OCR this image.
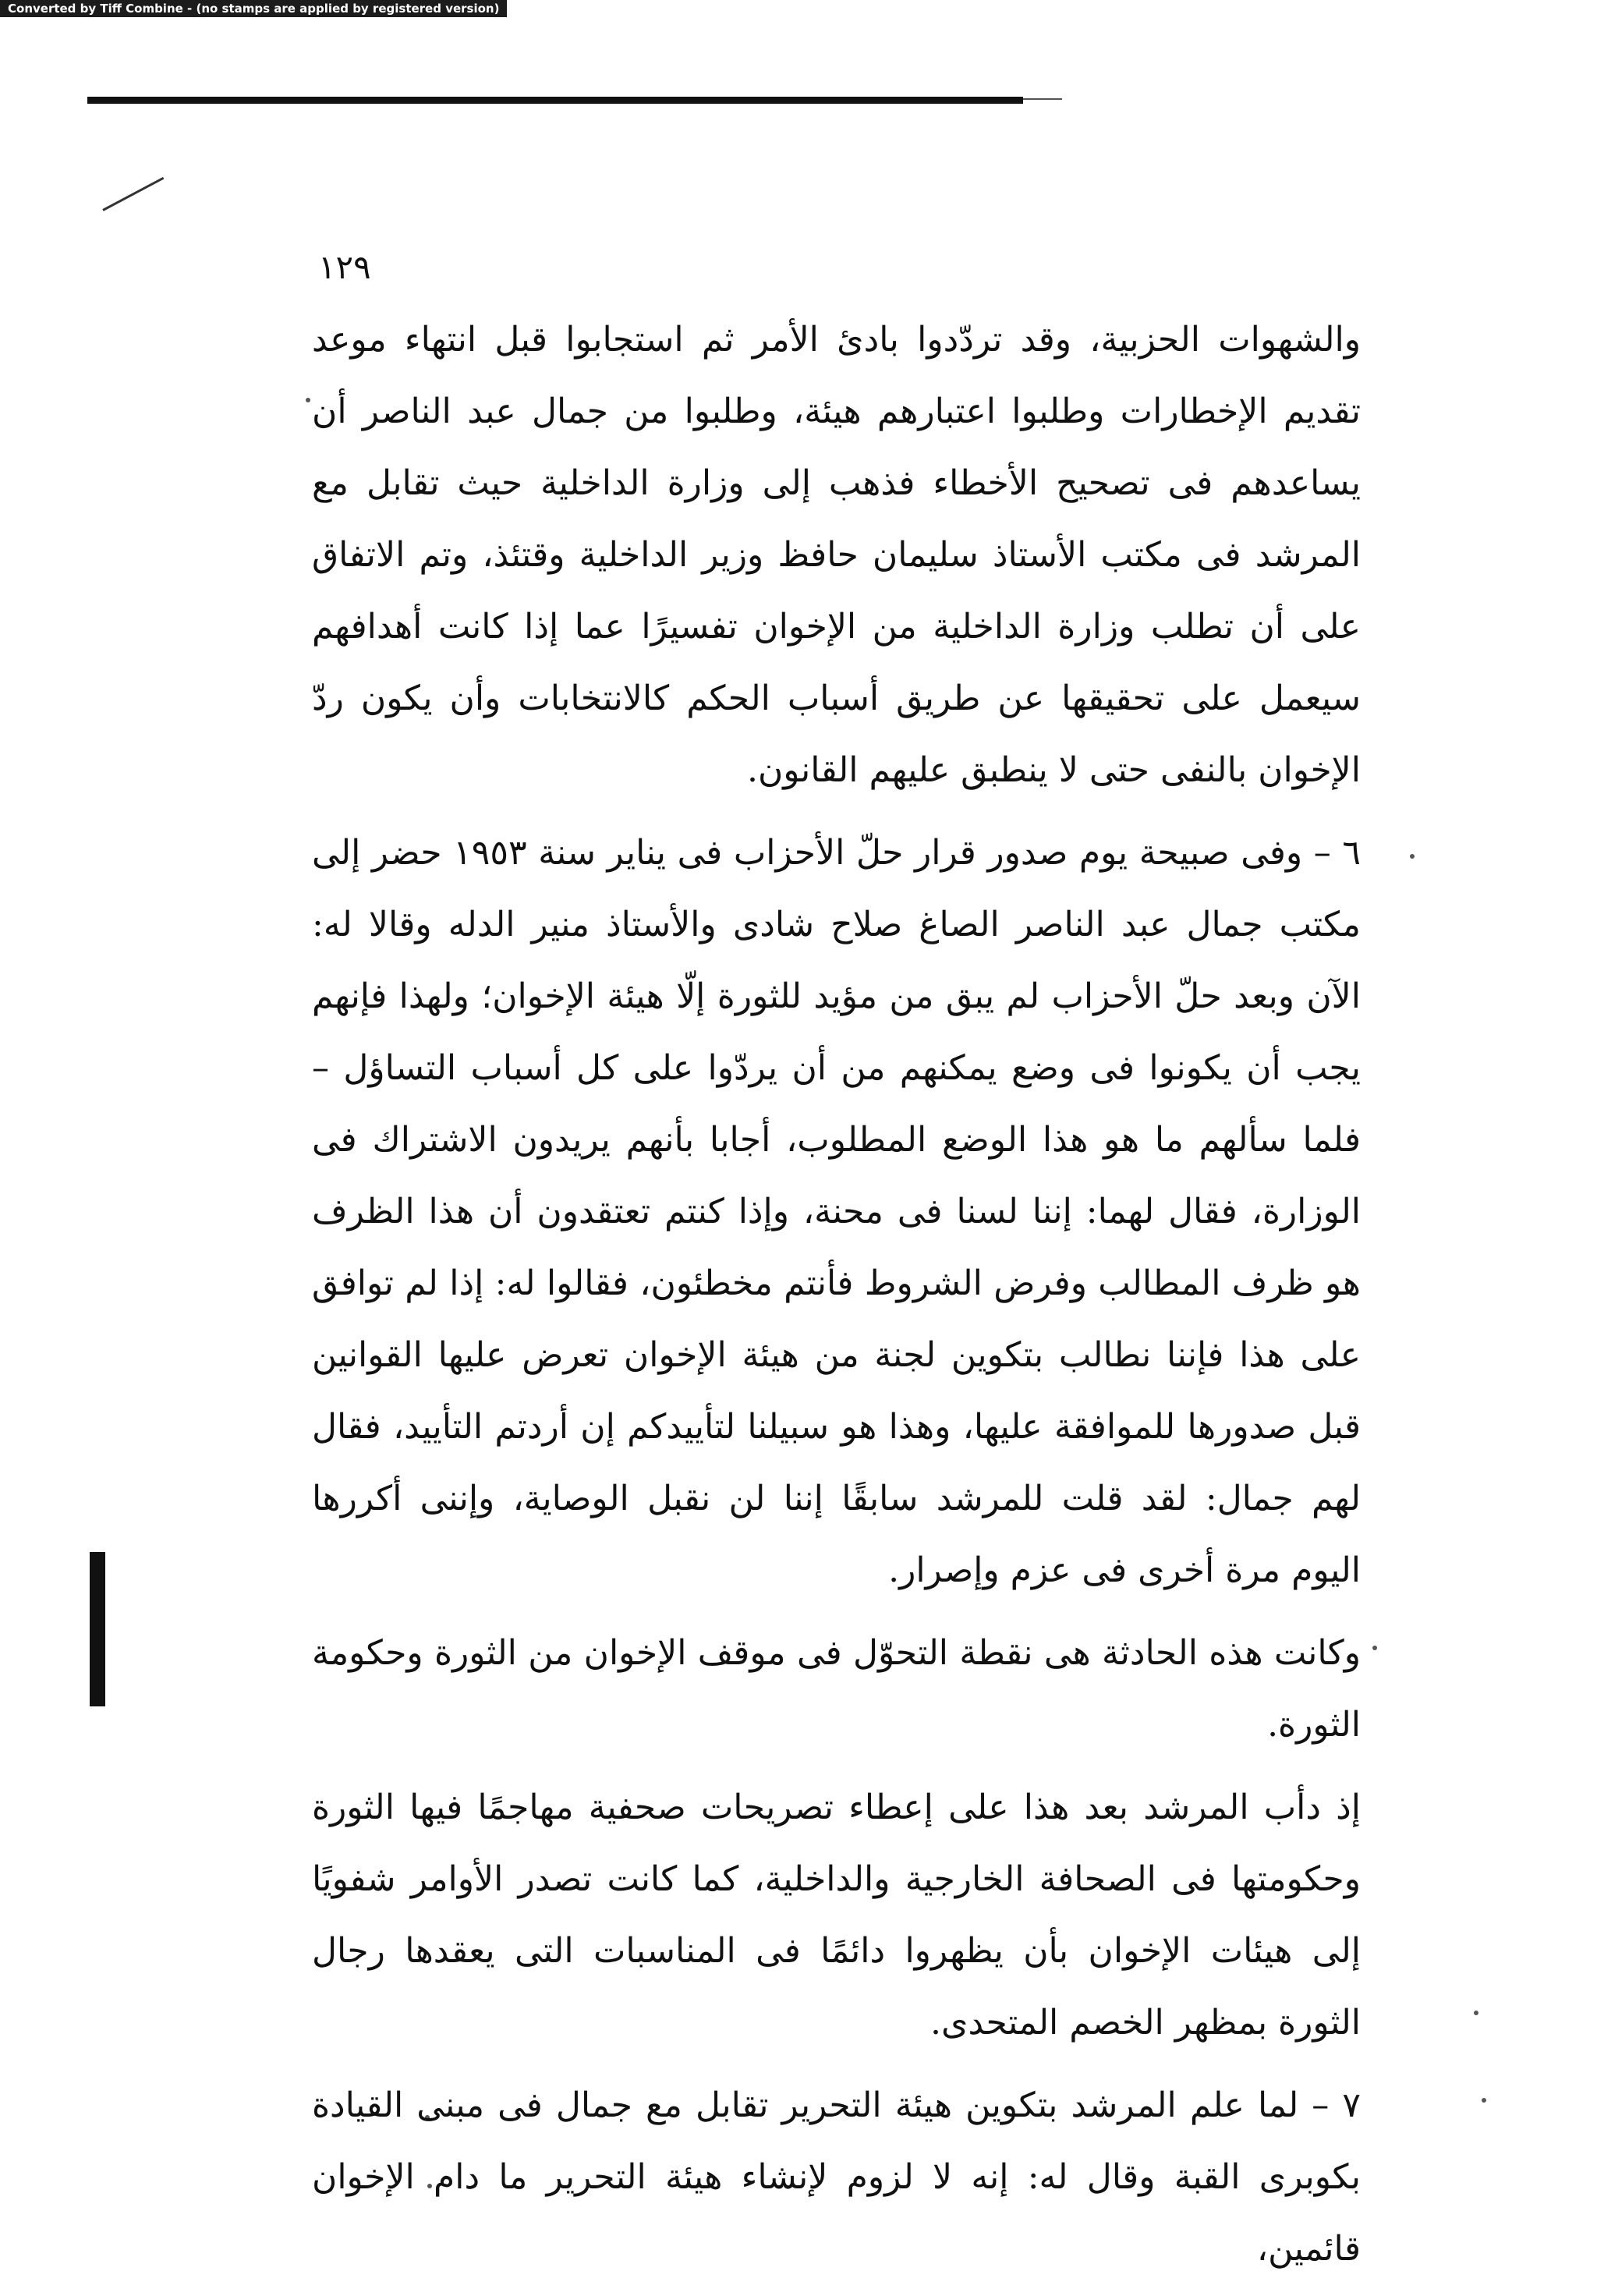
Converted by Tiff Combine - (no stamps are applied by registered version)
١٢٩

والشهوات الحزبية، وقد تردّدوا بادئ الأمر ثم استجابوا قبل انتهاء موعد تقديم الإخطارات وطلبوا اعتبارهم هيئة، وطلبوا من جمال عبد الناصر أن يساعدهم فى تصحيح الأخطاء فذهب إلى وزارة الداخلية حيث تقابل مع المرشد فى مكتب الأستاذ سليمان حافظ وزير الداخلية وقتئذ، وتم الاتفاق على أن تطلب وزارة الداخلية من الإخوان تفسيرًا عما إذا كانت أهدافهم سيعمل على تحقيقها عن طريق أسباب الحكم كالانتخابات وأن يكون ردّ الإخوان بالنفى حتى لا ينطبق عليهم القانون.

٦ – وفى صبيحة يوم صدور قرار حلّ الأحزاب فى يناير سنة ١٩٥٣ حضر إلى مكتب جمال عبد الناصر الصاغ صلاح شادى والأستاذ منير الدله وقالا له: الآن وبعد حلّ الأحزاب لم يبق من مؤيد للثورة إلّا هيئة الإخوان؛ ولهذا فإنهم يجب أن يكونوا فى وضع يمكنهم من أن يردّوا على كل أسباب التساؤل – فلما سألهم ما هو هذا الوضع المطلوب، أجابا بأنهم يريدون الاشتراك فى الوزارة، فقال لهما: إننا لسنا فى محنة، وإذا كنتم تعتقدون أن هذا الظرف هو ظرف المطالب وفرض الشروط فأنتم مخطئون، فقالوا له: إذا لم توافق على هذا فإننا نطالب بتكوين لجنة من هيئة الإخوان تعرض عليها القوانين قبل صدورها للموافقة عليها، وهذا هو سبيلنا لتأييدكم إن أردتم التأييد، فقال لهم جمال: لقد قلت للمرشد سابقًا إننا لن نقبل الوصاية، وإننى أكررها اليوم مرة أخرى فى عزم وإصرار.

وكانت هذه الحادثة هى نقطة التحوّل فى موقف الإخوان من الثورة وحكومة الثورة.

إذ دأب المرشد بعد هذا على إعطاء تصريحات صحفية مهاجمًا فيها الثورة وحكومتها فى الصحافة الخارجية والداخلية، كما كانت تصدر الأوامر شفويًا إلى هيئات الإخوان بأن يظهروا دائمًا فى المناسبات التى يعقدها رجال الثورة بمظهر الخصم المتحدى.

٧ – لما علم المرشد بتكوين هيئة التحرير تقابل مع جمال فى مبنى القيادة بكوبرى القبة وقال له: إنه لا لزوم لإنشاء هيئة التحرير ما دام الإخوان قائمين،
